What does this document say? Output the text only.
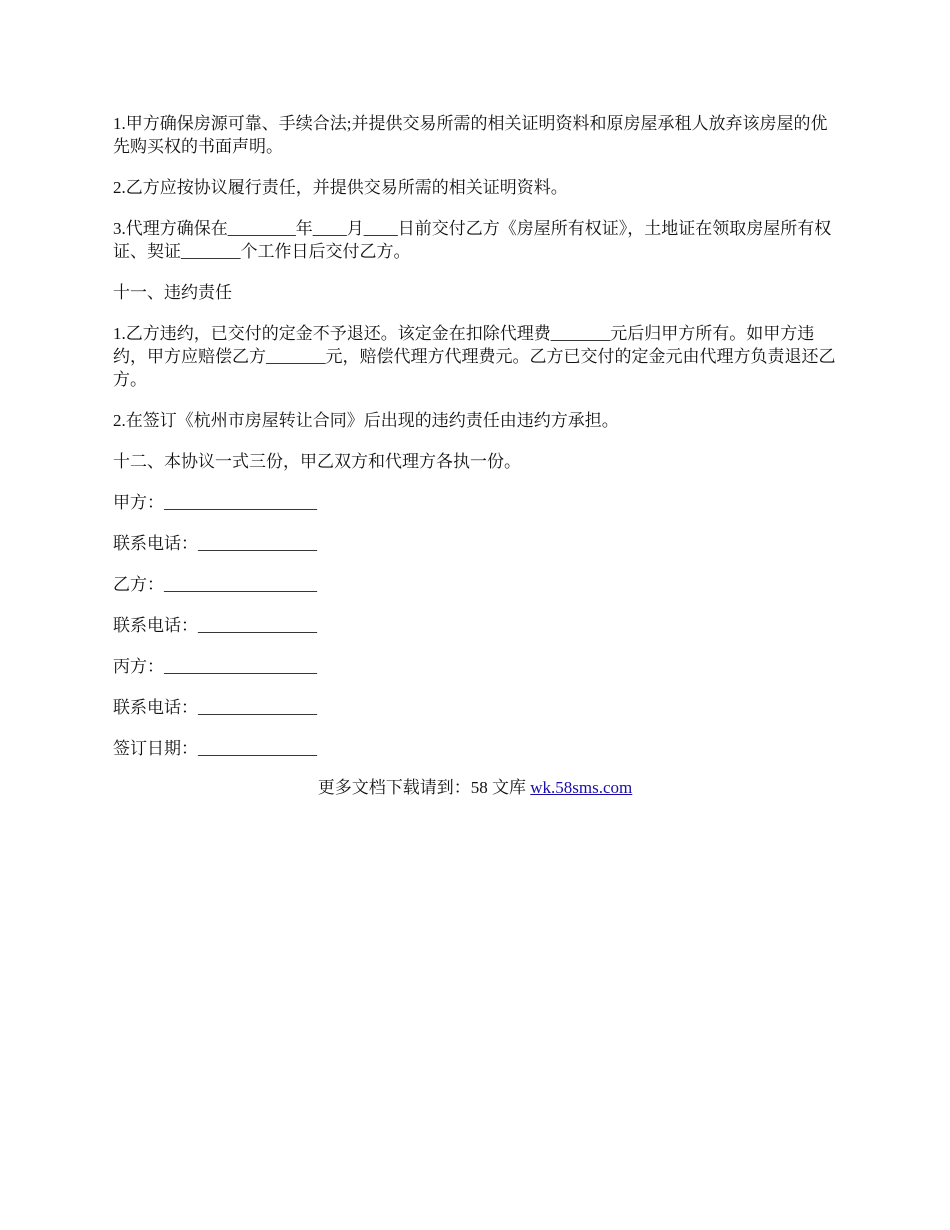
1.甲方确保房源可靠、手续合法;并提供交易所需的相关证明资料和原房屋承租人放弃该房屋的优先购买权的书面声明。

2.乙方应按协议履行责任，并提供交易所需的相关证明资料。

3.代理方确保在________年____月____日前交付乙方《房屋所有权证》，土地证在领取房屋所有权证、契证_______个工作日后交付乙方。

十一、违约责任

1.乙方违约，已交付的定金不予退还。该定金在扣除代理费_______元后归甲方所有。如甲方违约，甲方应赔偿乙方_______元，赔偿代理方代理费元。乙方已交付的定金元由代理方负责退还乙方。

2.在签订《杭州市房屋转让合同》后出现的违约责任由违约方承担。

十二、本协议一式三份，甲乙双方和代理方各执一份。

甲方：__________________

联系电话：______________

乙方：__________________

联系电话：______________

丙方：__________________

联系电话：______________

签订日期：______________

更多文档下载请到：58 文库 wk.58sms.com
